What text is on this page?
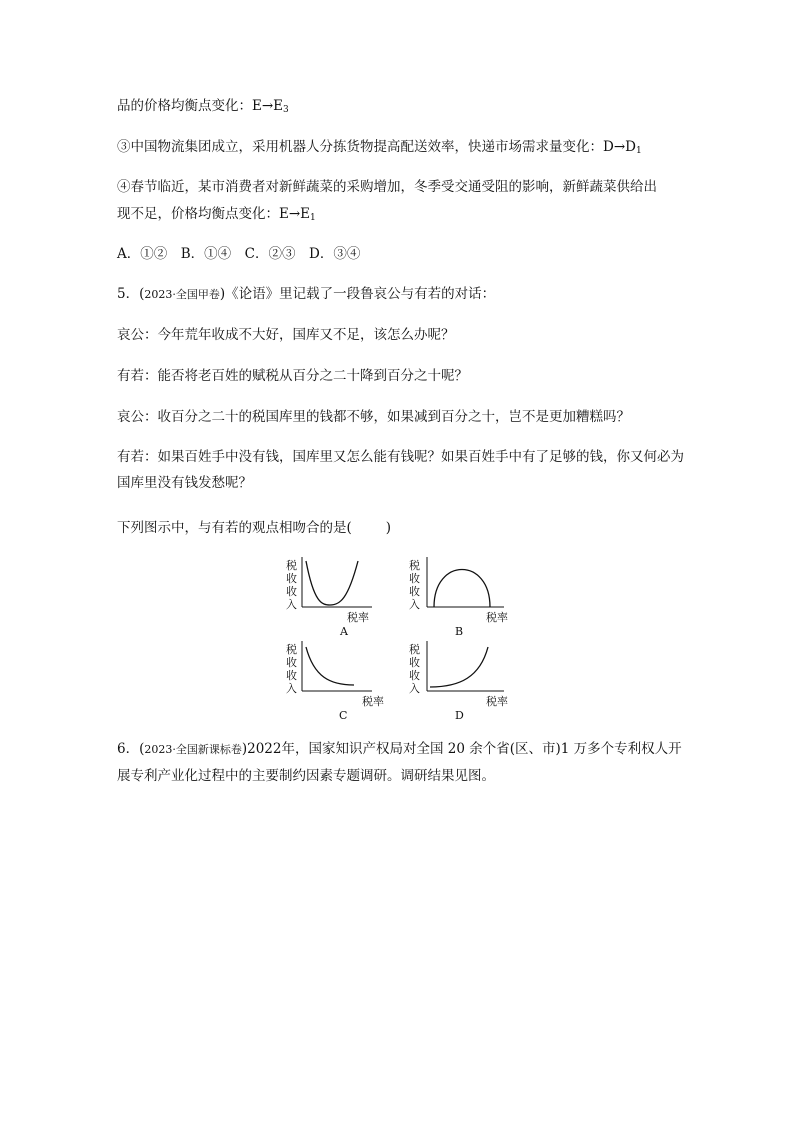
品的价格均衡点变化：$E\to E_3$
③中国物流集团成立，采用机器人分拣货物提高配送效率，快递市场需求量变化：$D\to D_1$
④春节临近，某市消费者对新鲜蔬菜的采购增加，冬季受交通受阻的影响，新鲜蔬菜供给出
现不足，价格均衡点变化：$E\to E_1$
A．①②　B．①④　C．②③　D．③④
5．(2023·全国甲卷)《论语》里记载了一段鲁哀公与有若的对话：
哀公：今年荒年收成不大好，国库又不足，该怎么办呢？
有若：能否将老百姓的赋税从百分之二十降到百分之十呢？
哀公：收百分之二十的税国库里的钱都不够，如果减到百分之十，岂不是更加糟糕吗？
有若：如果百姓手中没有钱，国库里又怎么能有钱呢？如果百姓手中有了足够的钱，你又何必为国库里没有钱发愁呢？
下列图示中，与有若的观点相吻合的是(	)
税
收
收
入
税率
A
税
收
收
入
税率
B
税
收
收
入
税率
C
税
收
收
入
税率
D
6．(2023·全国新课标卷)2022年，国家知识产权局对全国 20 余个省(区、市)1 万多个专利权人开展专利产业化过程中的主要制约因素专题调研。调研结果见图。
